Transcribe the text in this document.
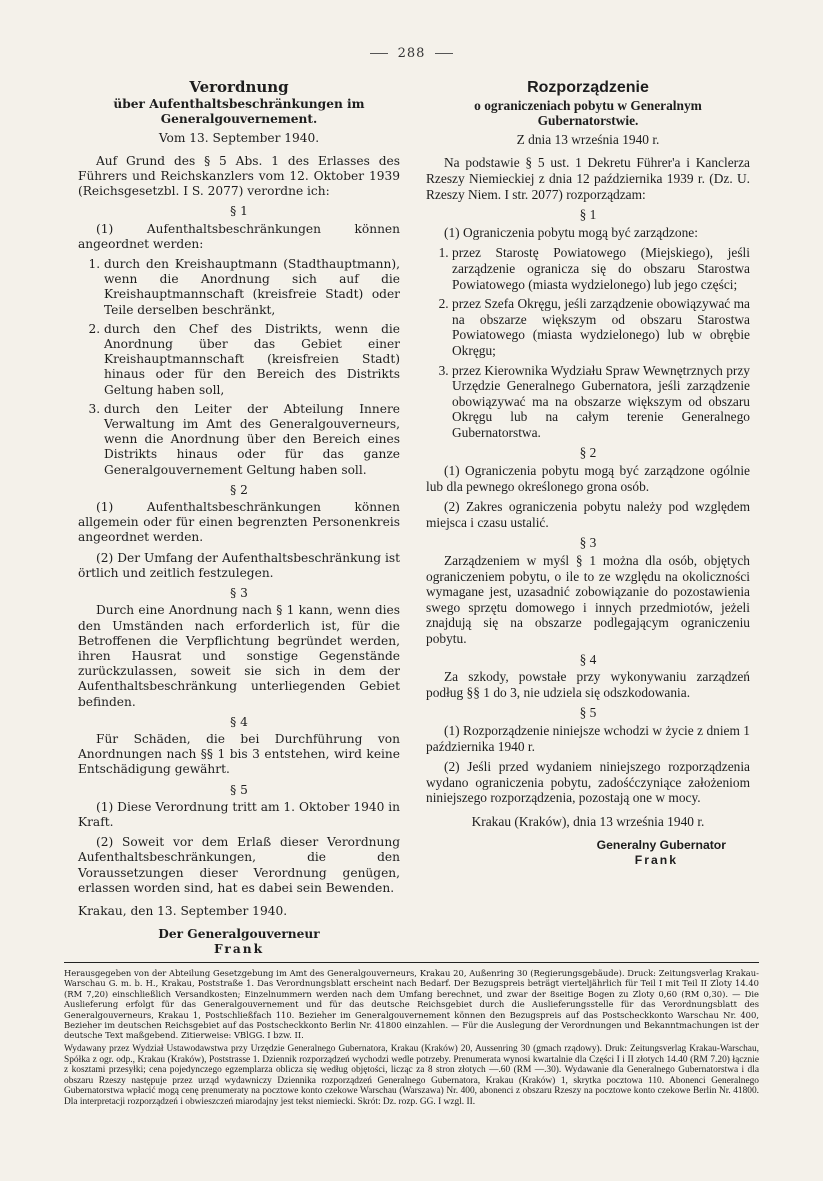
288

Verordnung

über Aufenthaltsbeschränkungen im Generalgouvernement.

Vom 13. September 1940.

Auf Grund des § 5 Abs. 1 des Erlasses des Führers und Reichskanzlers vom 12. Oktober 1939 (Reichsgesetzbl. I S. 2077) verordne ich:

§ 1

(1) Aufenthaltsbeschränkungen können angeordnet werden:

1. durch den Kreishauptmann (Stadthauptmann), wenn die Anordnung sich auf die Kreishauptmannschaft (kreisfreie Stadt) oder Teile derselben beschränkt,
2. durch den Chef des Distrikts, wenn die Anordnung über das Gebiet einer Kreishauptmannschaft (kreisfreien Stadt) hinaus oder für den Bereich des Distrikts Geltung haben soll,
3. durch den Leiter der Abteilung Innere Verwaltung im Amt des Generalgouverneurs, wenn die Anordnung über den Bereich eines Distrikts hinaus oder für das ganze Generalgouvernement Geltung haben soll.

§ 2

(1) Aufenthaltsbeschränkungen können allgemein oder für einen begrenzten Personenkreis angeordnet werden.

(2) Der Umfang der Aufenthaltsbeschränkung ist örtlich und zeitlich festzulegen.

§ 3

Durch eine Anordnung nach § 1 kann, wenn dies den Umständen nach erforderlich ist, für die Betroffenen die Verpflichtung begründet werden, ihren Hausrat und sonstige Gegenstände zurückzulassen, soweit sie sich in dem der Aufenthaltsbeschränkung unterliegenden Gebiet befinden.

§ 4

Für Schäden, die bei Durchführung von Anordnungen nach §§ 1 bis 3 entstehen, wird keine Entschädigung gewährt.

§ 5

(1) Diese Verordnung tritt am 1. Oktober 1940 in Kraft.

(2) Soweit vor dem Erlaß dieser Verordnung Aufenthaltsbeschränkungen, die den Voraussetzungen dieser Verordnung genügen, erlassen worden sind, hat es dabei sein Bewenden.

Krakau, den 13. September 1940.

Der Generalgouverneur

Frank

Rozporządzenie

o ograniczeniach pobytu w Generalnym Gubernatorstwie.

Z dnia 13 września 1940 r.

Na podstawie § 5 ust. 1 Dekretu Führer'a i Kanclerza Rzeszy Niemieckiej z dnia 12 października 1939 r. (Dz. U. Rzeszy Niem. I str. 2077) rozporządzam:

§ 1

(1) Ograniczenia pobytu mogą być zarządzone:

1. przez Starostę Powiatowego (Miejskiego), jeśli zarządzenie ogranicza się do obszaru Starostwa Powiatowego (miasta wydzielonego) lub jego części;
2. przez Szefa Okręgu, jeśli zarządzenie obowiązywać ma na obszarze większym od obszaru Starostwa Powiatowego (miasta wydzielonego) lub w obrębie Okręgu;
3. przez Kierownika Wydziału Spraw Wewnętrznych przy Urzędzie Generalnego Gubernatora, jeśli zarządzenie obowiązywać ma na obszarze większym od obszaru Okręgu lub na całym terenie Generalnego Gubernatorstwa.

§ 2

(1) Ograniczenia pobytu mogą być zarządzone ogólnie lub dla pewnego określonego grona osób.

(2) Zakres ograniczenia pobytu należy pod względem miejsca i czasu ustalić.

§ 3

Zarządzeniem w myśl § 1 można dla osób, objętych ograniczeniem pobytu, o ile to ze względu na okoliczności wymagane jest, uzasadnić zobowiązanie do pozostawienia swego sprzętu domowego i innych przedmiotów, jeżeli znajdują się na obszarze podlegającym ograniczeniu pobytu.

§ 4

Za szkody, powstałe przy wykonywaniu zarządzeń podług §§ 1 do 3, nie udziela się odszkodowania.

§ 5

(1) Rozporządzenie niniejsze wchodzi w życie z dniem 1 października 1940 r.

(2) Jeśli przed wydaniem niniejszego rozporządzenia wydano ograniczenia pobytu, zadośćczyniące założeniom niniejszego rozporządzenia, pozostają one w mocy.

Krakau (Kraków), dnia 13 września 1940 r.

Generalny Gubernator

Frank

Herausgegeben von der Abteilung Gesetzgebung im Amt des Generalgouverneurs, Krakau 20, Außenring 30 (Regierungsgebäude). Druck: Zeitungsverlag Krakau-Warschau G. m. b. H., Krakau, Poststraße 1. Das Verordnungsblatt erscheint nach Bedarf. Der Bezugspreis beträgt vierteljährlich für Teil I mit Teil II Zloty 14.40 (RM 7,20) einschließlich Versandkosten; Einzelnummern werden nach dem Umfang berechnet, und zwar der 8seitige Bogen zu Zloty 0,60 (RM 0,30). — Die Auslieferung erfolgt für das Generalgouvernement und für das deutsche Reichsgebiet durch die Auslieferungsstelle für das Verordnungsblatt des Generalgouverneurs, Krakau 1, Postschließfach 110. Bezieher im Generalgouvernement können den Bezugspreis auf das Postscheckkonto Warschau Nr. 400, Bezieher im deutschen Reichsgebiet auf das Postscheckkonto Berlin Nr. 41800 einzahlen. — Für die Auslegung der Verordnungen und Bekanntmachungen ist der deutsche Text maßgebend. Zitierweise: VBlGG. I bzw. II.
Wydawany przez Wydział Ustawodawstwa przy Urzędzie Generalnego Gubernatora, Krakau (Kraków) 20, Aussenring 30 (gmach rządowy). Druk: Zeitungsverlag Krakau-Warschau, Spółka z ogr. odp., Krakau (Kraków), Poststrasse 1. Dziennik rozporządzeń wychodzi wedle potrzeby. Prenumerata wynosi kwartalnie dla Części I i II złotych 14.40 (RM 7.20) łącznie z kosztami przesyłki; cena pojedynczego egzemplarza oblicza się według objętości, licząc za 8 stron złotych —.60 (RM —.30). Wydawanie dla Generalnego Gubernatorstwa i dla obszaru Rzeszy następuje przez urząd wydawniczy Dziennika rozporządzeń Generalnego Gubernatora, Krakau (Kraków) 1, skrytka pocztowa 110. Abonenci Generalnego Gubernatorstwa wpłacić mogą cenę prenumeraty na pocztowe konto czekowe Warschau (Warszawa) Nr. 400, abonenci z obszaru Rzeszy na pocztowe konto czekowe Berlin Nr. 41800. Dla interpretacji rozporządzeń i obwieszczeń miarodajny jest tekst niemiecki. Skrót: Dz. rozp. GG. I wzgl. II.
